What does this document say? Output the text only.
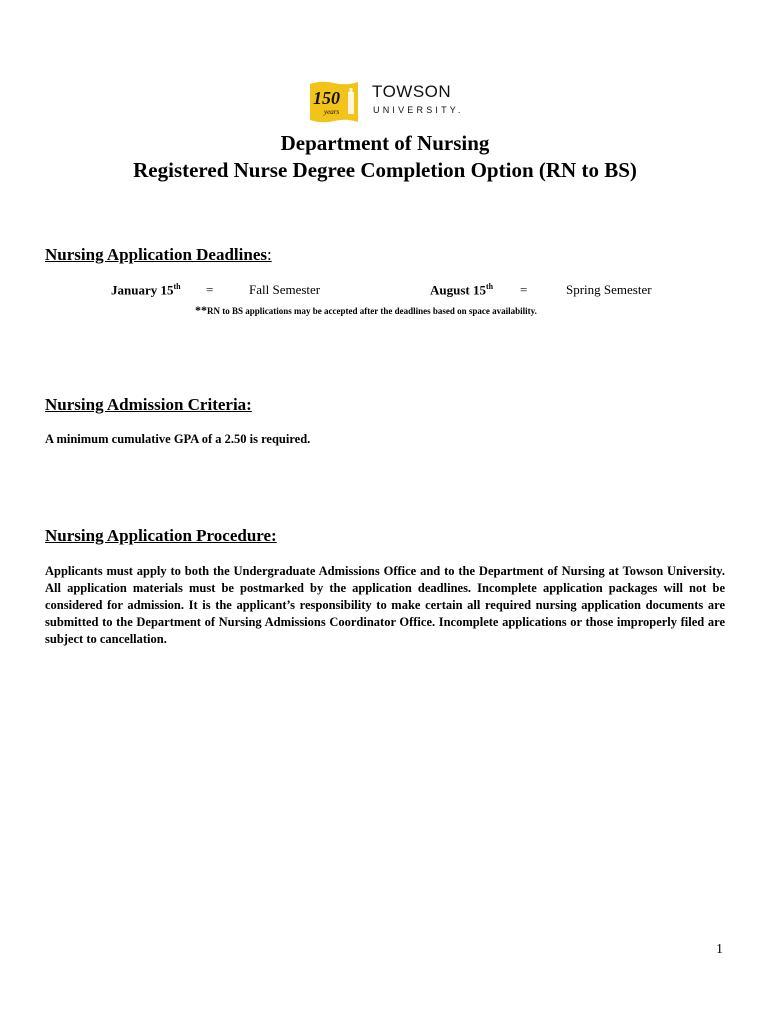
150
years
TOWSON
UNIVERSITY.
Department of Nursing
Registered Nurse Degree Completion Option (RN to BS)
Nursing Application Deadlines:
January 15th =	Fall Semester	August 15th =	Spring Semester
**RN to BS applications may be accepted after the deadlines based on space availability.
Nursing Admission Criteria:
A minimum cumulative GPA of a 2.50 is required.
Nursing Application Procedure:
Applicants must apply to both the Undergraduate Admissions Office and to the Department of Nursing at Towson University. All application materials must be postmarked by the application deadlines. Incomplete application packages will not be considered for admission. It is the applicant’s responsibility to make certain all required nursing application documents are submitted to the Department of Nursing Admissions Coordinator Office. Incomplete applications or those improperly filed are subject to cancellation.
1
